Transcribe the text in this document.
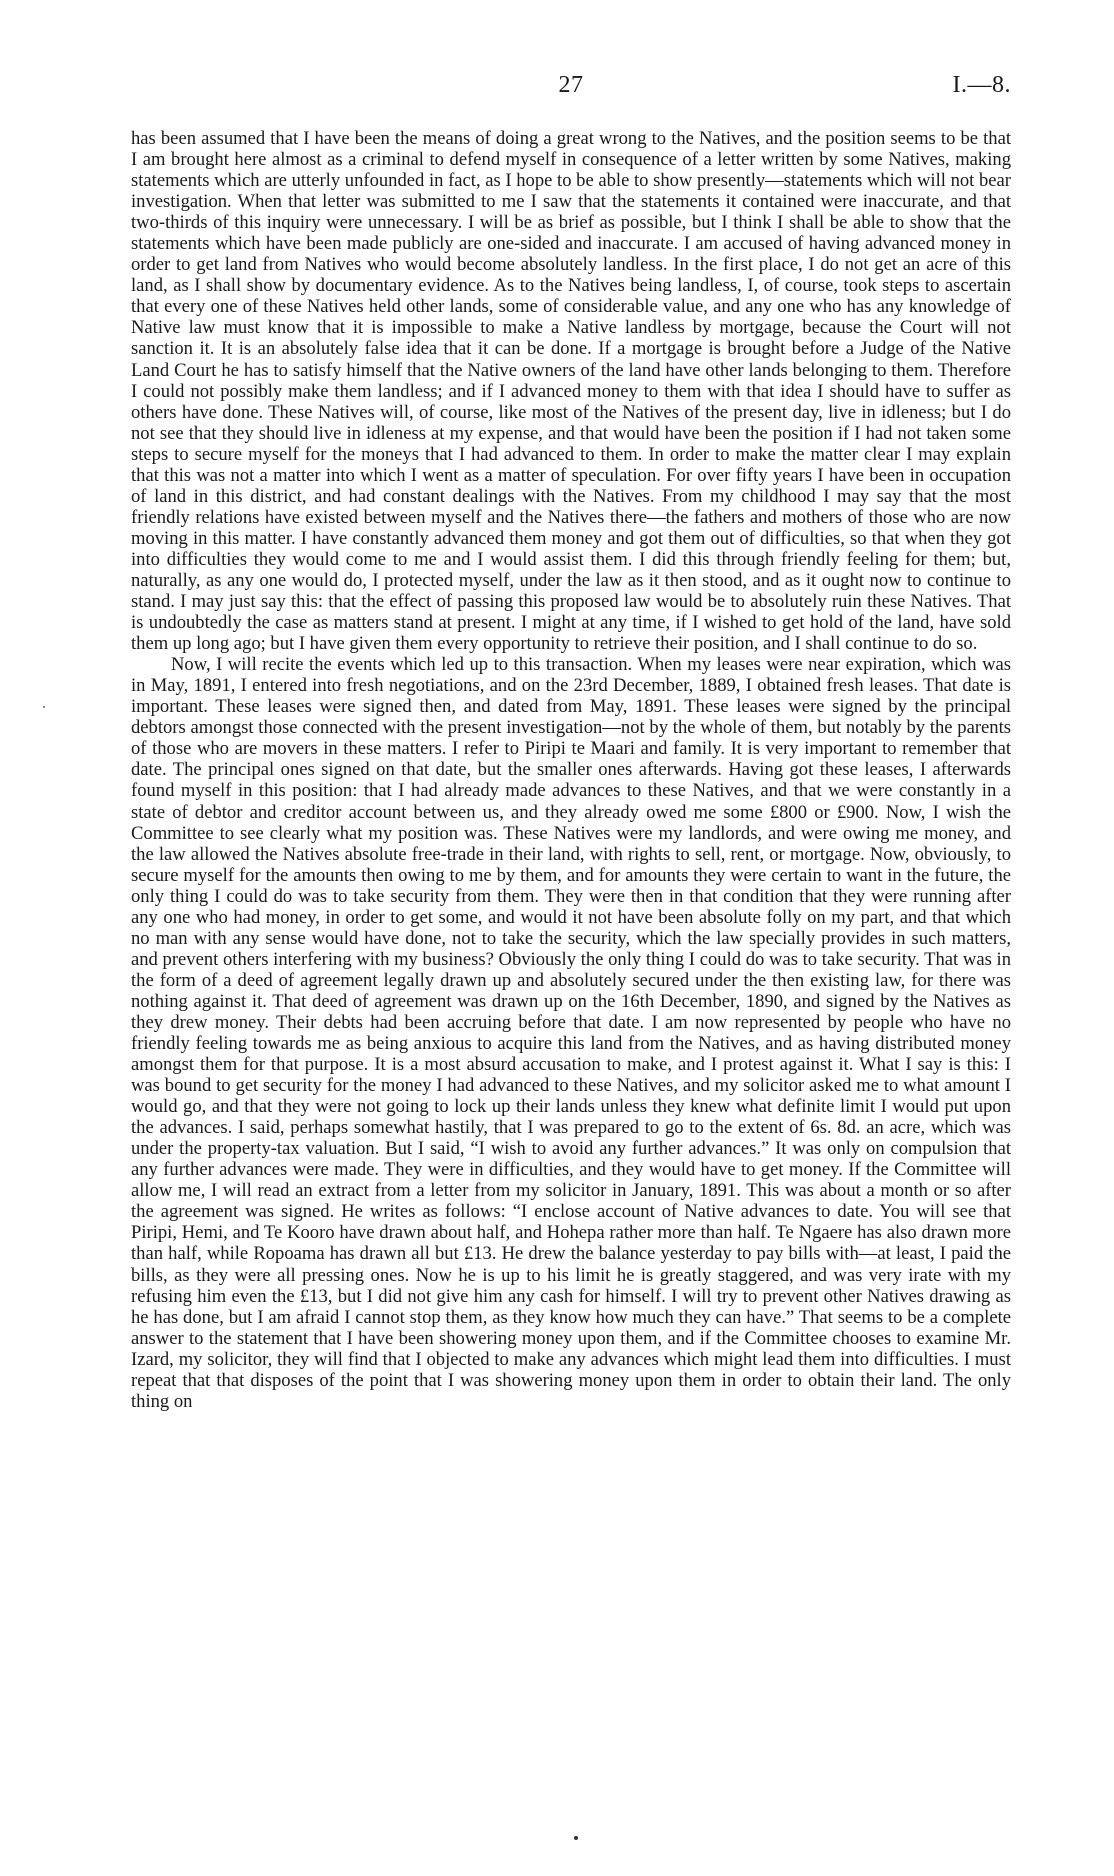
27	I.—8.

has been assumed that I have been the means of doing a great wrong to the Natives, and the position seems to be that I am brought here almost as a criminal to defend myself in consequence of a letter written by some Natives, making statements which are utterly unfounded in fact, as I hope to be able to show presently—statements which will not bear investigation. When that letter was submitted to me I saw that the statements it contained were inaccurate, and that two-thirds of this inquiry were unnecessary. I will be as brief as possible, but I think I shall be able to show that the statements which have been made publicly are one-sided and inaccurate. I am accused of having advanced money in order to get land from Natives who would become absolutely landless. In the first place, I do not get an acre of this land, as I shall show by documentary evidence. As to the Natives being landless, I, of course, took steps to ascertain that every one of these Natives held other lands, some of considerable value, and any one who has any knowledge of Native law must know that it is impossible to make a Native landless by mortgage, because the Court will not sanction it. It is an absolutely false idea that it can be done. If a mortgage is brought before a Judge of the Native Land Court he has to satisfy himself that the Native owners of the land have other lands belonging to them. Therefore I could not possibly make them landless; and if I advanced money to them with that idea I should have to suffer as others have done. These Natives will, of course, like most of the Natives of the present day, live in idleness; but I do not see that they should live in idleness at my expense, and that would have been the position if I had not taken some steps to secure myself for the moneys that I had advanced to them. In order to make the matter clear I may explain that this was not a matter into which I went as a matter of speculation. For over fifty years I have been in occupation of land in this district, and had constant dealings with the Natives. From my childhood I may say that the most friendly relations have existed between myself and the Natives there—the fathers and mothers of those who are now moving in this matter. I have constantly advanced them money and got them out of difficulties, so that when they got into difficulties they would come to me and I would assist them. I did this through friendly feeling for them; but, naturally, as any one would do, I protected myself, under the law as it then stood, and as it ought now to continue to stand. I may just say this: that the effect of passing this proposed law would be to absolutely ruin these Natives. That is undoubtedly the case as matters stand at present. I might at any time, if I wished to get hold of the land, have sold them up long ago; but I have given them every opportunity to retrieve their position, and I shall continue to do so.

Now, I will recite the events which led up to this transaction. When my leases were near expiration, which was in May, 1891, I entered into fresh negotiations, and on the 23rd December, 1889, I obtained fresh leases. That date is important. These leases were signed then, and dated from May, 1891. These leases were signed by the principal debtors amongst those connected with the present investigation—not by the whole of them, but notably by the parents of those who are movers in these matters. I refer to Piripi te Maari and family. It is very important to remember that date. The principal ones signed on that date, but the smaller ones afterwards. Having got these leases, I afterwards found myself in this position: that I had already made advances to these Natives, and that we were constantly in a state of debtor and creditor account between us, and they already owed me some £800 or £900. Now, I wish the Committee to see clearly what my position was. These Natives were my landlords, and were owing me money, and the law allowed the Natives absolute free-trade in their land, with rights to sell, rent, or mortgage. Now, obviously, to secure myself for the amounts then owing to me by them, and for amounts they were certain to want in the future, the only thing I could do was to take security from them. They were then in that condition that they were running after any one who had money, in order to get some, and would it not have been absolute folly on my part, and that which no man with any sense would have done, not to take the security, which the law specially provides in such matters, and prevent others interfering with my business? Obviously the only thing I could do was to take security. That was in the form of a deed of agreement legally drawn up and absolutely secured under the then existing law, for there was nothing against it. That deed of agreement was drawn up on the 16th December, 1890, and signed by the Natives as they drew money. Their debts had been accruing before that date. I am now represented by people who have no friendly feeling towards me as being anxious to acquire this land from the Natives, and as having distributed money amongst them for that purpose. It is a most absurd accusation to make, and I protest against it. What I say is this: I was bound to get security for the money I had advanced to these Natives, and my solicitor asked me to what amount I would go, and that they were not going to lock up their lands unless they knew what definite limit I would put upon the advances. I said, perhaps somewhat hastily, that I was prepared to go to the extent of 6s. 8d. an acre, which was under the property-tax valuation. But I said, “I wish to avoid any further advances.” It was only on compulsion that any further advances were made. They were in difficulties, and they would have to get money. If the Committee will allow me, I will read an extract from a letter from my solicitor in January, 1891. This was about a month or so after the agreement was signed. He writes as follows: “I enclose account of Native advances to date. You will see that Piripi, Hemi, and Te Kooro have drawn about half, and Hohepa rather more than half. Te Ngaere has also drawn more than half, while Ropoama has drawn all but £13. He drew the balance yesterday to pay bills with—at least, I paid the bills, as they were all pressing ones. Now he is up to his limit he is greatly staggered, and was very irate with my refusing him even the £13, but I did not give him any cash for himself. I will try to prevent other Natives drawing as he has done, but I am afraid I cannot stop them, as they know how much they can have.” That seems to be a complete answer to the statement that I have been showering money upon them, and if the Committee chooses to examine Mr. Izard, my solicitor, they will find that I objected to make any advances which might lead them into difficulties. I must repeat that that disposes of the point that I was showering money upon them in order to obtain their land. The only thing on
